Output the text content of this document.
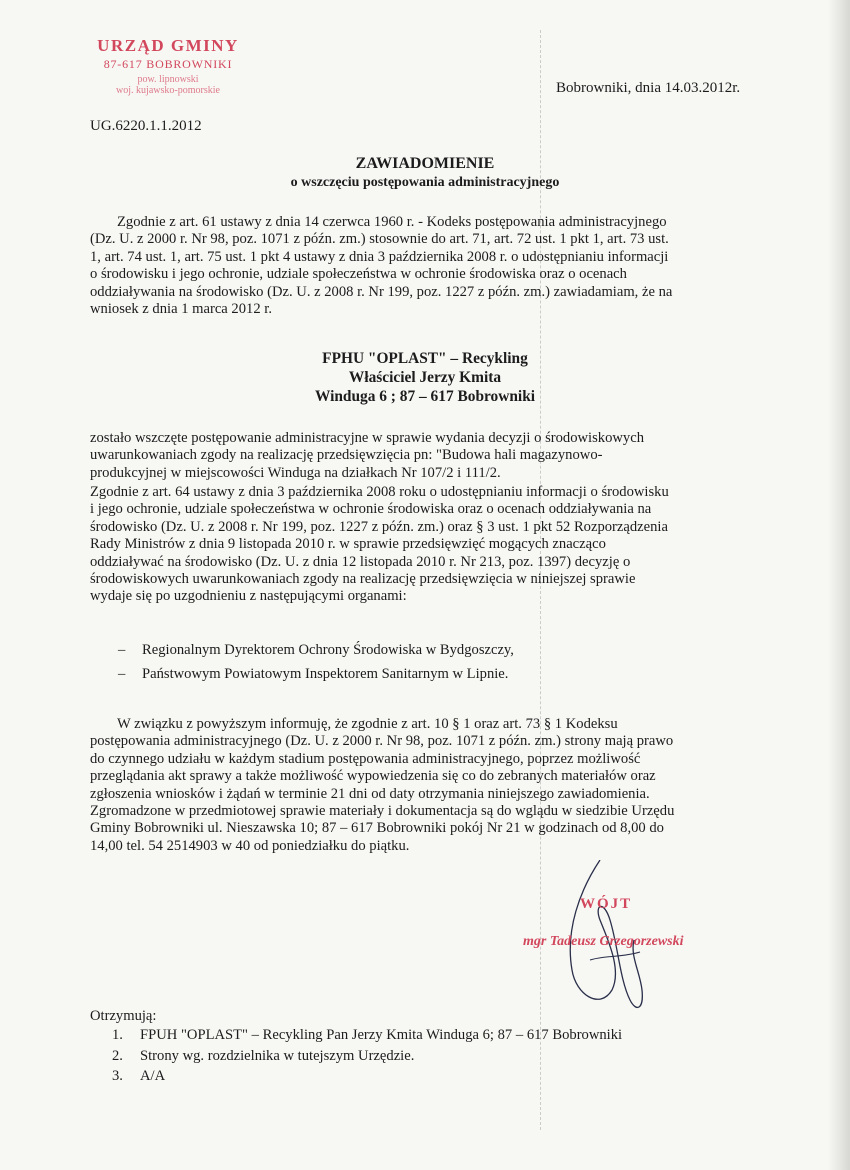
URZĄD GMINY
87-617 BOBROWNIKI
pow. lipnowski
woj. kujawsko-pomorskie	Bobrowniki, dnia 14.03.2012r.
UG.6220.1.1.2012
ZAWIADOMIENIE
o wszczęciu postępowania administracyjnego
Zgodnie z art. 61 ustawy z dnia 14 czerwca 1960 r. - Kodeks postępowania administracyjnego
(Dz. U. z 2000 r. Nr 98, poz. 1071 z późn. zm.) stosownie do art. 71, art. 72 ust. 1 pkt 1, art. 73 ust.
1, art. 74 ust. 1, art. 75 ust. 1 pkt 4 ustawy z dnia 3 października 2008 r. o udostępnianiu informacji
o środowisku i jego ochronie, udziale społeczeństwa w ochronie środowiska oraz o ocenach
oddziaływania na środowisko (Dz. U. z 2008 r. Nr 199, poz. 1227 z późn. zm.) zawiadamiam, że na
wniosek z dnia 1 marca 2012 r.
FPHU "OPLAST" – Recykling
Właściciel Jerzy Kmita
Winduga 6 ; 87 – 617 Bobrowniki
zostało wszczęte postępowanie administracyjne w sprawie wydania decyzji o środowiskowych
uwarunkowaniach zgody na realizację przedsięwzięcia pn: "Budowa hali magazynowo-
produkcyjnej w miejscowości Winduga na działkach Nr 107/2 i 111/2.
Zgodnie z art. 64 ustawy z dnia 3 października 2008 roku o udostępnianiu informacji o środowisku
i jego ochronie, udziale społeczeństwa w ochronie środowiska oraz o ocenach oddziaływania na
środowisko (Dz. U. z 2008 r. Nr 199, poz. 1227 z późn. zm.) oraz § 3 ust. 1 pkt 52 Rozporządzenia
Rady Ministrów z dnia 9 listopada 2010 r. w sprawie przedsięwzięć mogących znacząco
oddziaływać na środowisko (Dz. U. z dnia 12 listopada 2010 r. Nr 213, poz. 1397) decyzję o
środowiskowych uwarunkowaniach zgody na realizację przedsięwzięcia w niniejszej sprawie
wydaje się po uzgodnieniu z następującymi organami:
– Regionalnym Dyrektorem Ochrony Środowiska w Bydgoszczy,
– Państwowym Powiatowym Inspektorem Sanitarnym w Lipnie.
W związku z powyższym informuję, że zgodnie z art. 10 § 1 oraz art. 73 § 1 Kodeksu
postępowania administracyjnego (Dz. U. z 2000 r. Nr 98, poz. 1071 z późn. zm.) strony mają prawo
do czynnego udziału w każdym stadium postępowania administracyjnego, poprzez możliwość
przeglądania akt sprawy a także możliwość wypowiedzenia się co do zebranych materiałów oraz
zgłoszenia wniosków i żądań w terminie 21 dni od daty otrzymania niniejszego zawiadomienia.
Zgromadzone w przedmiotowej sprawie materiały i dokumentacja są do wglądu w siedzibie Urzędu
Gminy Bobrowniki ul. Nieszawska 10; 87 – 617 Bobrowniki pokój Nr 21 w godzinach od 8,00 do
14,00 tel. 54 2514903 w 40 od poniedziałku do piątku.
WÓJT
mgr Tadeusz Grzegorzewski
Otrzymują:
1. FPUH "OPLAST" – Recykling Pan Jerzy Kmita Winduga 6; 87 – 617 Bobrowniki
2. Strony wg. rozdzielnika w tutejszym Urzędzie.
3. A/A
